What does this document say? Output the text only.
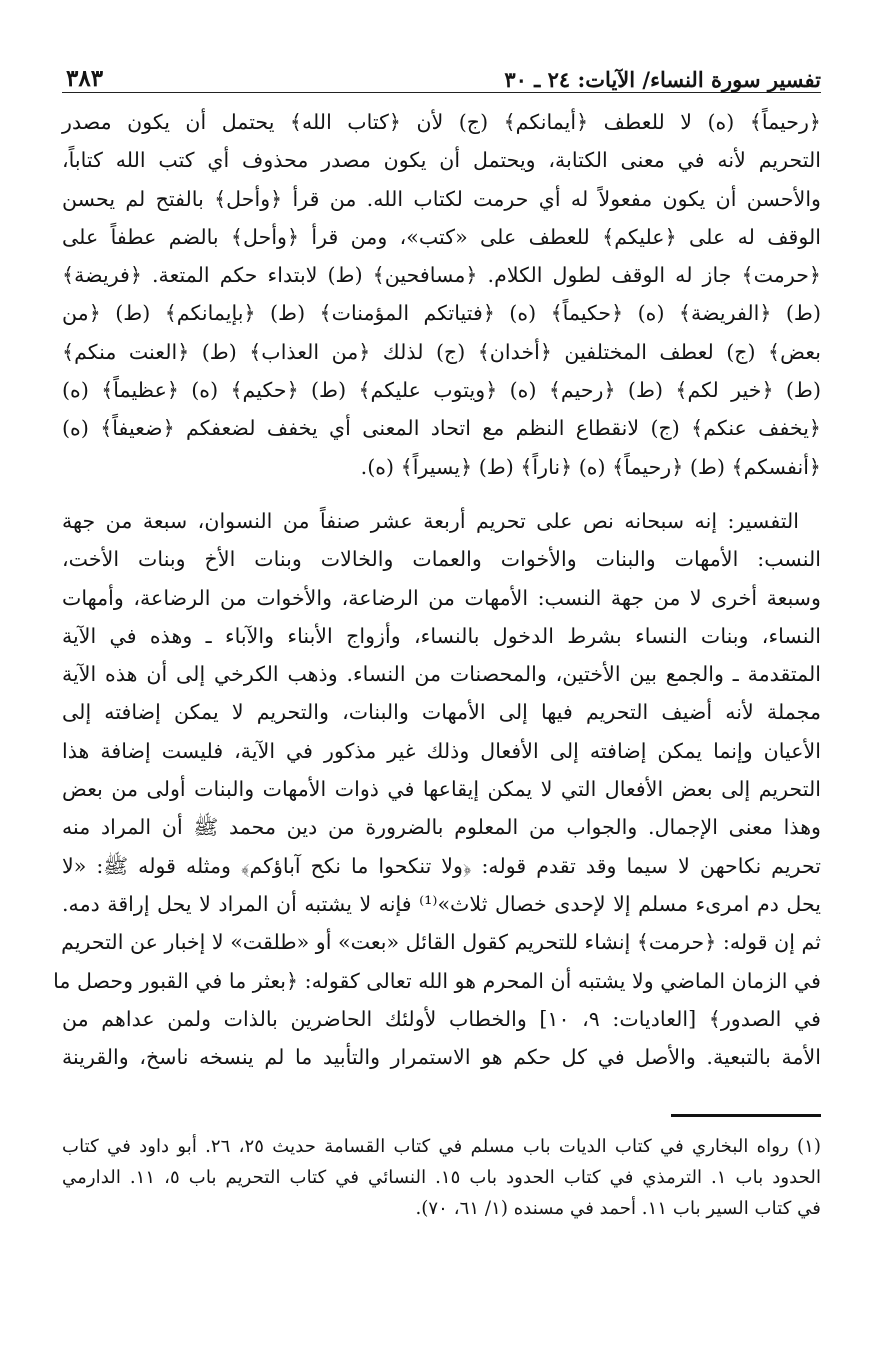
تفسير سورة النساء/ الآيات: ٢٤ ـ ٣٠
٣٨٣

﴿رحيماً﴾ (ه) لا للعطف ﴿أيمانكم﴾ (ج) لأن ﴿كتاب الله﴾ يحتمل أن يكون مصدر
التحريم لأنه في معنى الكتابة، ويحتمل أن يكون مصدر محذوف أي كتب الله كتاباً،
والأحسن أن يكون مفعولاً له أي حرمت لكتاب الله. من قرأ ﴿وأحل﴾ بالفتح لم يحسن
الوقف له على ﴿عليكم﴾ للعطف على «كتب»، ومن قرأ ﴿وأحل﴾ بالضم عطفاً على
﴿حرمت﴾ جاز له الوقف لطول الكلام. ﴿مسافحين﴾ (ط) لابتداء حكم المتعة. ﴿فريضة﴾
(ط) ﴿الفريضة﴾ (ه) ﴿حكيماً﴾ (ه) ﴿فتياتكم المؤمنات﴾ (ط) ﴿بإيمانكم﴾ (ط) ﴿من
بعض﴾ (ج) لعطف المختلفين ﴿أخدان﴾ (ج) لذلك ﴿من العذاب﴾ (ط) ﴿العنت منكم﴾
(ط) ﴿خير لكم﴾ (ط) ﴿رحيم﴾ (ه) ﴿ويتوب عليكم﴾ (ط) ﴿حكيم﴾ (ه) ﴿عظيماً﴾ (ه)
﴿يخفف عنكم﴾ (ج) لانقطاع النظم مع اتحاد المعنى أي يخفف لضعفكم ﴿ضعيفاً﴾ (ه)
﴿أنفسكم﴾ (ط) ﴿رحيماً﴾ (ه) ﴿ناراً﴾ (ط) ﴿يسيراً﴾ (ه).

التفسير: إنه سبحانه نص على تحريم أربعة عشر صنفاً من النسوان، سبعة من جهة
النسب: الأمهات والبنات والأخوات والعمات والخالات وبنات الأخ وبنات الأخت،
وسبعة أخرى لا من جهة النسب: الأمهات من الرضاعة، والأخوات من الرضاعة، وأمهات
النساء، وبنات النساء بشرط الدخول بالنساء، وأزواج الأبناء والآباء ـ وهذه في الآية
المتقدمة ـ والجمع بين الأختين، والمحصنات من النساء. وذهب الكرخي إلى أن هذه الآية
مجملة لأنه أضيف التحريم فيها إلى الأمهات والبنات، والتحريم لا يمكن إضافته إلى
الأعيان وإنما يمكن إضافته إلى الأفعال وذلك غير مذكور في الآية، فليست إضافة هذا
التحريم إلى بعض الأفعال التي لا يمكن إيقاعها في ذوات الأمهات والبنات أولى من بعض
وهذا معنى الإجمال. والجواب من المعلوم بالضرورة من دين محمد ﷺ أن المراد منه
تحريم نكاحهن لا سيما وقد تقدم قوله: ﴿ولا تنكحوا ما نكح آباؤكم﴾ ومثله قوله ﷺ: «لا
يحل دم امرىء مسلم إلا لإحدى خصال ثلاث»⁽¹⁾ فإنه لا يشتبه أن المراد لا يحل إراقة دمه.
ثم إن قوله: ﴿حرمت﴾ إنشاء للتحريم كقول القائل «بعت» أو «طلقت» لا إخبار عن التحريم
في الزمان الماضي ولا يشتبه أن المحرم هو الله تعالى كقوله: ﴿بعثر ما في القبور وحصل ما
في الصدور﴾ [العاديات: ٩، ١٠] والخطاب لأولئك الحاضرين بالذات ولمن عداهم من
الأمة بالتبعية. والأصل في كل حكم هو الاستمرار والتأبيد ما لم ينسخه ناسخ، والقرينة

(١) رواه البخاري في كتاب الديات باب مسلم في كتاب القسامة حديث ٢٥، ٢٦. أبو داود في كتاب
الحدود باب ١. الترمذي في كتاب الحدود باب ١٥. النسائي في كتاب التحريم باب ٥، ١١. الدارمي
في كتاب السير باب ١١. أحمد في مسنده (١/ ٦١، ٧٠).
